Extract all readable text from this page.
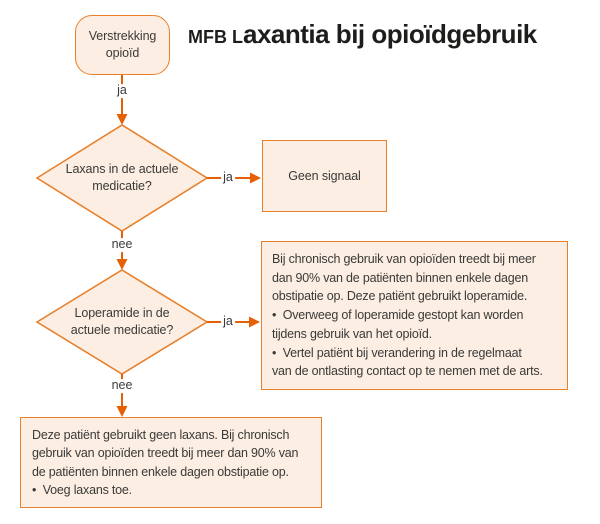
Verstrekking opioïd
MFB Laxantia bij opioïdgebruik
ja
ja
nee
ja
nee
Laxans in de actuele medicatie?
Loperamide in de actuele medicatie?
Geen signaal
Bij chronisch gebruik van opioïden treedt bij meer
dan 90% van de patiënten binnen enkele dagen
obstipatie op. Deze patiënt gebruikt loperamide.
•  Overweeg of loperamide gestopt kan worden
tijdens gebruik van het opioïd.
•  Vertel patiënt bij verandering in de regelmaat
van de ontlasting contact op te nemen met de arts.
Deze patiënt gebruikt geen laxans. Bij chronisch
gebruik van opioïden treedt bij meer dan 90% van
de patiënten binnen enkele dagen obstipatie op.
•  Voeg laxans toe.
